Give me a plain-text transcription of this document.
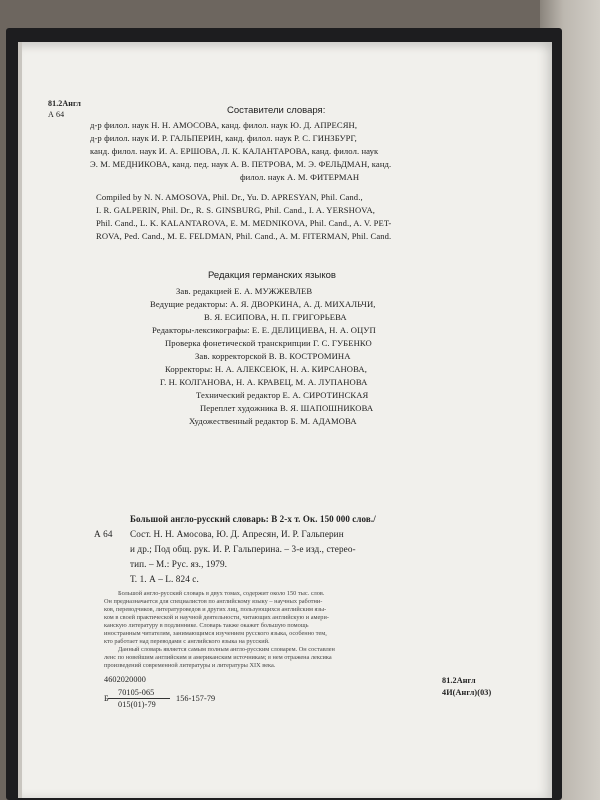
81.2Англ
А 64	Составители словаря:
д-р филол. наук Н. Н. АМОСОВА, канд. филол. наук Ю. Д. АПРЕСЯН,
д-р филол. наук И. Р. ГАЛЬПЕРИН, канд. филол. наук Р. С. ГИНЗБУРГ,
канд. филол. наук И. А. ЕРШОВА, Л. К. КАЛАНТАРОВА, канд. филол. наук
Э. М. МЕДНИКОВА, канд. пед. наук А. В. ПЕТРОВА, М. Э. ФЕЛЬДМАН, канд.
филол. наук А. М. ФИТЕРМАН
Compiled by N. N. AMOSOVA, Phil. Dr., Yu. D. APRESYAN, Phil. Cand.,
I. R. GALPERIN, Phil. Dr., R. S. GINSBURG, Phil. Cand., I. A. YERSHOVA,
Phil. Cand., L. K. KALANTAROVA, E. M. MEDNIKOVA, Phil. Cand., A. V. PET-
ROVA, Ped. Cand., M. E. FELDMAN, Phil. Cand., A. M. FITERMAN, Phil. Cand.
Редакция германских языков
Зав. редакцией Е. А. МУЖЖЕВЛЕВ
Ведущие редакторы: А. Я. ДВОРКИНА, А. Д. МИХАЛЬЧИ,
В. Я. ЕСИПОВА, Н. П. ГРИГОРЬЕВА
Редакторы-лексикографы: Е. Е. ДЕЛИЦИЕВА, Н. А. ОЦУП
Проверка фонетической транскрипции Г. С. ГУБЕНКО
Зав. корректорской В. В. КОСТРОМИНА
Корректоры: Н. А. АЛЕКСЕЮК, Н. А. КИРСАНОВА,
Г. Н. КОЛГАНОВА, Н. А. КРАВЕЦ, М. А. ЛУПАНОВА
Технический редактор Е. А. СИРОТИНСКАЯ
Переплет художника В. Я. ШАПОШНИКОВА
Художественный редактор Б. М. АДАМОВА
Большой англо-русский словарь: В 2-х т. Ок. 150 000 слов./
А 64 Сост. Н. Н. Амосова, Ю. Д. Апресян, И. Р. Гальперин
и др.; Под общ. рук. И. Р. Гальперина. – 3-е изд., стерео-
тип. – М.: Рус. яз., 1979.
Т. 1. А – L. 824 с.
Большой англо-русский словарь в двух томах, содержит около 150 тыс. слов.
Он предназначается для специалистов по английскому языку – научных работни-
ков, переводчиков, литературоведов и других лиц, пользующихся английским язы-
ком в своей практической и научной деятельности, читающих английскую и амери-
канскую литературу в подлиннике. Словарь также окажет большую помощь
иностранным читателям, занимающимся изучением русского языка, особенно тем,
кто работает над переводами с английского языка на русский.
Данный словарь является самым полным англо-русским словарем. Он составлен
ленс по новейшим английским и американским источникам; в нем отражена лексика
произведений современной литературы и литературы XIX века.
4602020000
Б
70105-065
015(01)-79
156-157-79
81.2Англ
4И(Англ)(03)
